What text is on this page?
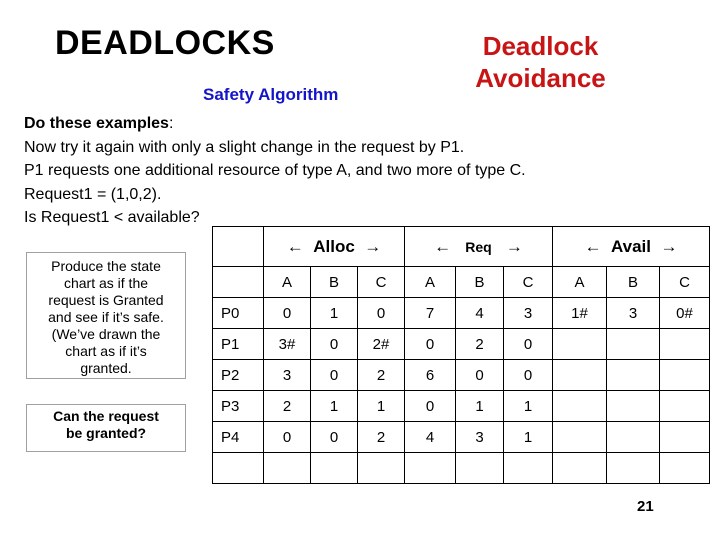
DEADLOCKS	Deadlock
Avoidance
Safety Algorithm
Do these examples:
Now try it again with only a slight change in the request by P1.
P1 requests one additional resource of type A, and two more of type C.
Request1 = (1,0,2).
Is Request1 < available?
Produce the state
chart as if the
request is Granted
and see if it’s safe.
(We’ve drawn the
chart as if it’s
granted.
Can the request
be granted?
	← Alloc →			← Req →			← Avail →		
	A	B	C	A	B	C	A	B	C
P0	0	1	0	7	4	3	1#	3	0#
P1	3#	0	2#	0	2	0			
P2	3	0	2	6	0	0			
P3	2	1	1	0	1	1			
P4	0	0	2	4	3	1			

21
